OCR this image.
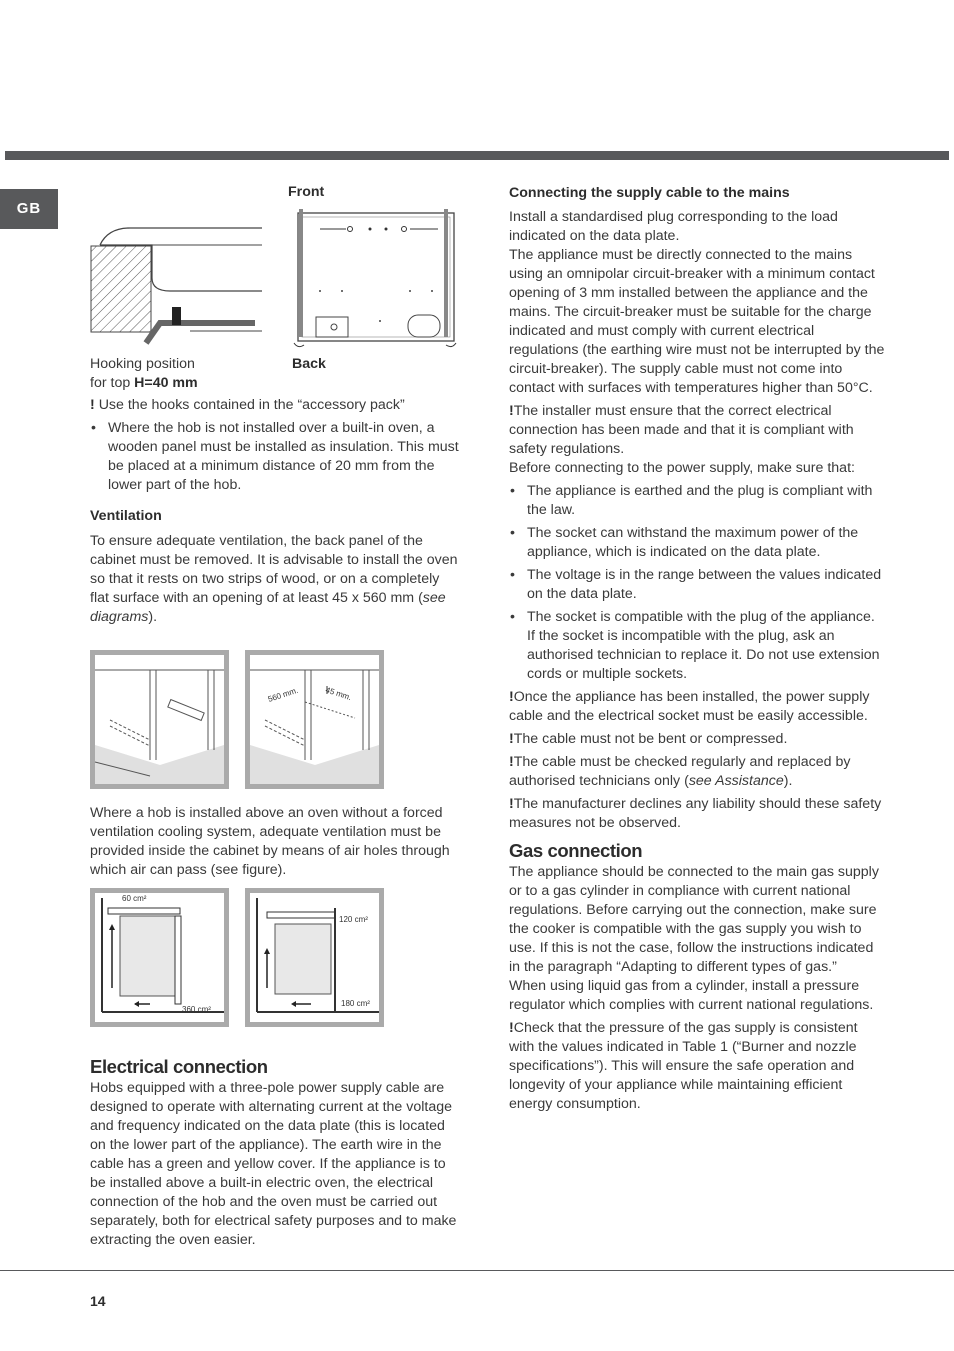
GB
Front
Hooking position
for top H=40 mm
Back

! Use the hooks contained in the “accessory pack”

• Where the hob is not installed over a built-in oven, a wooden panel must be installed as insulation. This must be placed at a minimum distance of 20 mm from the lower part of the hob.

Ventilation

To ensure adequate ventilation, the back panel of the cabinet must be removed. It is advisable to install the oven so that it rests on two strips of wood, or on a completely flat surface with an opening of at least 45 x 560 mm (see diagrams).

560 mm.	45 mm.

Where a hob is installed above an oven without a forced ventilation cooling system, adequate ventilation must be provided inside the cabinet by means of air holes through which air can pass (see figure).

60 cm²
360 cm²
120 cm²
180 cm²
Electrical connection

Hobs equipped with a three-pole power supply cable are designed to operate with alternating current at the voltage and frequency indicated on the data plate (this is located on the lower part of the appliance). The earth wire in the cable has a green and yellow cover. If the appliance is to be installed above a built-in electric oven, the electrical connection of the hob and the oven must be carried out separately, both for electrical safety purposes and to make extracting the oven easier.

Connecting the supply cable to the mains

Install a standardised plug corresponding to the load indicated on the data plate.

The appliance must be directly connected to the mains using an omnipolar circuit-breaker with a minimum contact opening of 3 mm installed between the appliance and the mains. The circuit-breaker must be suitable for the charge indicated and must comply with current electrical regulations (the earthing wire must not be interrupted by the circuit-breaker). The supply cable must not come into contact with surfaces with temperatures higher than 50°C.

!The installer must ensure that the correct electrical connection has been made and that it is compliant with safety regulations.

Before connecting to the power supply, make sure that:

• The appliance is earthed and the plug is compliant with the law.
• The socket can withstand the maximum power of the appliance, which is indicated on the data plate.
• The voltage is in the range between the values indicated on the data plate.
• The socket is compatible with the plug of the appliance. If the socket is incompatible with the plug, ask an authorised technician to replace it. Do not use extension cords or multiple sockets.

!Once the appliance has been installed, the power supply cable and the electrical socket must be easily accessible.

!The cable must not be bent or compressed.

!The cable must be checked regularly and replaced by authorised technicians only (see Assistance).

!The manufacturer declines any liability should these safety measures not be observed.

Gas connection

The appliance should be connected to the main gas supply or to a gas cylinder in compliance with current national regulations. Before carrying out the connection, make sure the cooker is compatible with the gas supply you wish to use. If this is not the case, follow the instructions indicated in the paragraph “Adapting to different types of gas.”

When using liquid gas from a cylinder, install a pressure regulator which complies with current national regulations.

!Check that the pressure of the gas supply is consistent with the values indicated in Table 1 (“Burner and nozzle specifications”). This will ensure the safe operation and longevity of your appliance while maintaining efficient energy consumption.

14
